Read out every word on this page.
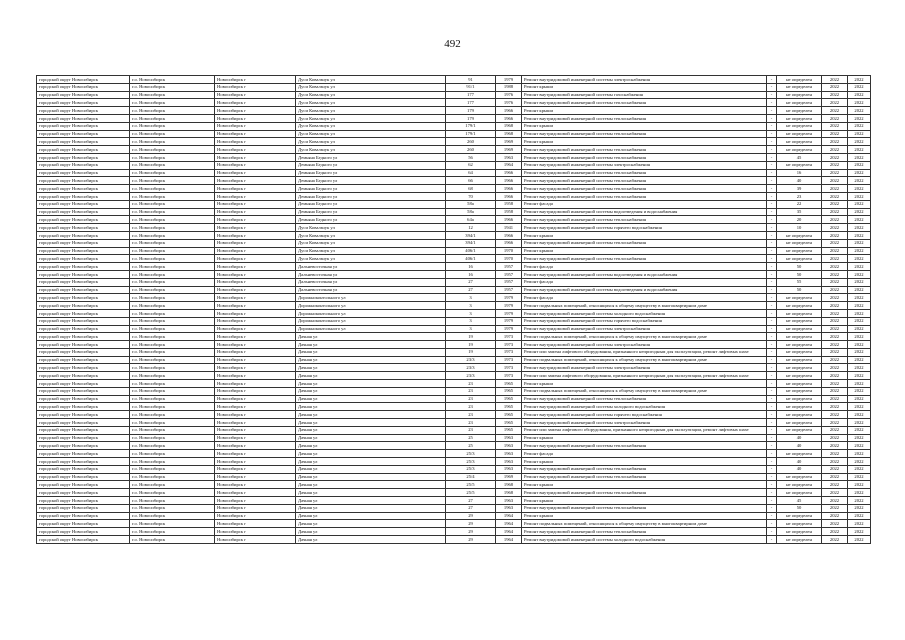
492
городской округ Новосибирск	г.о. Новосибирск	Новосибирск г	Дуси Ковальчук ул	91	1979	Ремонт внутридомовой инженерной системы электроснабжения	-	не определен	2022	2022
городской округ Новосибирск	г.о. Новосибирск	Новосибирск г	Дуси Ковальчук ул	91/1	1988	Ремонт крыши	-	не определен	2022	2022
городской округ Новосибирск	г.о. Новосибирск	Новосибирск г	Дуси Ковальчук ул	177	1976	Ремонт внутридомовой инженерной системы газоснабжения	-	не определен	2022	2022
городской округ Новосибирск	г.о. Новосибирск	Новосибирск г	Дуси Ковальчук ул	177	1976	Ремонт внутридомовой инженерной системы теплоснабжения	-	не определен	2022	2022
городской округ Новосибирск	г.о. Новосибирск	Новосибирск г	Дуси Ковальчук ул	179	1966	Ремонт крыши	-	не определен	2022	2022
городской округ Новосибирск	г.о. Новосибирск	Новосибирск г	Дуси Ковальчук ул	179	1966	Ремонт внутридомовой инженерной системы теплоснабжения	-	не определен	2022	2022
городской округ Новосибирск	г.о. Новосибирск	Новосибирск г	Дуси Ковальчук ул	179/1	1968	Ремонт крыши	-	не определен	2022	2022
городской округ Новосибирск	г.о. Новосибирск	Новосибирск г	Дуси Ковальчук ул	179/1	1968	Ремонт внутридомовой инженерной системы теплоснабжения	-	не определен	2022	2022
городской округ Новосибирск	г.о. Новосибирск	Новосибирск г	Дуси Ковальчук ул	260	1969	Ремонт крыши	-	не определен	2022	2022
городской округ Новосибирск	г.о. Новосибирск	Новосибирск г	Дуси Ковальчук ул	260	1969	Ремонт внутридомовой инженерной системы теплоснабжения	-	не определен	2022	2022
городской округ Новосибирск	г.о. Новосибирск	Новосибирск г	Демьяна Бедного ул	56	1963	Ремонт внутридомовой инженерной системы теплоснабжения	-	45	2022	2022
городской округ Новосибирск	г.о. Новосибирск	Новосибирск г	Демьяна Бедного ул	62	1964	Ремонт внутридомовой инженерной системы электроснабжения	-	не определен	2022	2022
городской округ Новосибирск	г.о. Новосибирск	Новосибирск г	Демьяна Бедного ул	64	1966	Ремонт внутридомовой инженерной системы теплоснабжения	-	16	2022	2022
городской округ Новосибирск	г.о. Новосибирск	Новосибирск г	Демьяна Бедного ул	66	1966	Ремонт внутридомовой инженерной системы теплоснабжения	-	40	2022	2022
городской округ Новосибирск	г.о. Новосибирск	Новосибирск г	Демьяна Бедного ул	68	1966	Ремонт внутридомовой инженерной системы теплоснабжения	-	39	2022	2022
городской округ Новосибирск	г.о. Новосибирск	Новосибирск г	Демьяна Бедного ул	70	1966	Ремонт внутридомовой инженерной системы теплоснабжения	-	23	2022	2022
городской округ Новосибирск	г.о. Новосибирск	Новосибирск г	Демьяна Бедного ул	58а	1958	Ремонт фасада	-	22	2022	2022
городской округ Новосибирск	г.о. Новосибирск	Новосибирск г	Демьяна Бедного ул	58а	1958	Ремонт внутридомовой инженерной системы водоотведения и водоснабжения	-	35	2022	2022
городской округ Новосибирск	г.о. Новосибирск	Новосибирск г	Демьяна Бедного ул	64а	1966	Ремонт внутридомовой инженерной системы теплоснабжения	-	20	2022	2022
городской округ Новосибирск	г.о. Новосибирск	Новосибирск г	Дуси Ковальчук ул	12	1941	Ремонт внутридомовой инженерной системы горячего водоснабжения	-	10	2022	2022
городской округ Новосибирск	г.о. Новосибирск	Новосибирск г	Дуси Ковальчук ул	394/1	1966	Ремонт крыши	-	не определен	2022	2022
городской округ Новосибирск	г.о. Новосибирск	Новосибирск г	Дуси Ковальчук ул	394/1	1966	Ремонт внутридомовой инженерной системы теплоснабжения	-	не определен	2022	2022
городской округ Новосибирск	г.о. Новосибирск	Новосибирск г	Дуси Ковальчук ул	406/1	1970	Ремонт крыши	-	не определен	2022	2022
городской округ Новосибирск	г.о. Новосибирск	Новосибирск г	Дуси Ковальчук ул	406/1	1970	Ремонт внутридомовой инженерной системы теплоснабжения	-	не определен	2022	2022
городской округ Новосибирск	г.о. Новосибирск	Новосибирск г	Дальневосточная ул	16	1957	Ремонт фасада	-	50	2022	2022
городской округ Новосибирск	г.о. Новосибирск	Новосибирск г	Дальневосточная ул	16	1957	Ремонт внутридомовой инженерной системы водоотведения и водоснабжения	-	50	2022	2022
городской округ Новосибирск	г.о. Новосибирск	Новосибирск г	Дальневосточная ул	27	1957	Ремонт фасада	-	55	2022	2022
городской округ Новосибирск	г.о. Новосибирск	Новосибирск г	Дальневосточная ул	27	1957	Ремонт внутридомовой инженерной системы водоотведения и водоснабжения	-	50	2022	2022
городской округ Новосибирск	г.о. Новосибирск	Новосибирск г	Дорожноконтольного ул	3	1979	Ремонт фасада	-	не определен	2022	2022
городской округ Новосибирск	г.о. Новосибирск	Новосибирск г	Дорожноконтольного ул	3	1979	Ремонт подвальных помещений, относящихся к общему имуществу в многоквартирном доме	-	не определен	2022	2022
городской округ Новосибирск	г.о. Новосибирск	Новосибирск г	Дорожноконтольного ул	3	1979	Ремонт внутридомовой инженерной системы холодного водоснабжения	-	не определен	2022	2022
городской округ Новосибирск	г.о. Новосибирск	Новосибирск г	Дорожноконтольного ул	3	1979	Ремонт внутридомовой инженерной системы горячего водоснабжения	-	не определен	2022	2022
городской округ Новосибирск	г.о. Новосибирск	Новосибирск г	Дорожноконтольного ул	3	1979	Ремонт внутридомовой инженерной системы электроснабжения	-	не определен	2022	2022
городской округ Новосибирск	г.о. Новосибирск	Новосибирск г	Дачная ул	19	1973	Ремонт подвальных помещений, относящихся к общему имуществу в многоквартирном доме	-	не определен	2022	2022
городской округ Новосибирск	г.о. Новосибирск	Новосибирск г	Дачная ул	19	1973	Ремонт внутридомовой инженерной системы электроснабжения	-	не определен	2022	2022
городской округ Новосибирск	г.о. Новосибирск	Новосибирск г	Дачная ул	19	1973	Ремонт или замена лифтового оборудования, признанного непригодным для эксплуатации, ремонт лифтовых шахт	-	не определен	2022	2022
городской округ Новосибирск	г.о. Новосибирск	Новосибирск г	Дачная ул	23/3	1973	Ремонт подвальных помещений, относящихся к общему имуществу в многоквартирном доме	-	не определен	2022	2022
городской округ Новосибирск	г.о. Новосибирск	Новосибирск г	Дачная ул	23/3	1973	Ремонт внутридомовой инженерной системы электроснабжения	-	не определен	2022	2022
городской округ Новосибирск	г.о. Новосибирск	Новосибирск г	Дачная ул	23/3	1973	Ремонт или замена лифтового оборудования, признанного непригодным для эксплуатации, ремонт лифтовых шахт	-	не определен	2022	2022
городской округ Новосибирск	г.о. Новосибирск	Новосибирск г	Дачная ул	23	1965	Ремонт крыши	-	не определен	2022	2022
городской округ Новосибирск	г.о. Новосибирск	Новосибирск г	Дачная ул	23	1965	Ремонт подвальных помещений, относящихся к общему имуществу в многоквартирном доме	-	не определен	2022	2022
городской округ Новосибирск	г.о. Новосибирск	Новосибирск г	Дачная ул	23	1965	Ремонт внутридомовой инженерной системы теплоснабжения	-	не определен	2022	2022
городской округ Новосибирск	г.о. Новосибирск	Новосибирск г	Дачная ул	23	1965	Ремонт внутридомовой инженерной системы холодного водоснабжения	-	не определен	2022	2022
городской округ Новосибирск	г.о. Новосибирск	Новосибирск г	Дачная ул	23	1965	Ремонт внутридомовой инженерной системы горячего водоснабжения	-	не определен	2022	2022
городской округ Новосибирск	г.о. Новосибирск	Новосибирск г	Дачная ул	23	1965	Ремонт внутридомовой инженерной системы электроснабжения	-	не определен	2022	2022
городской округ Новосибирск	г.о. Новосибирск	Новосибирск г	Дачная ул	23	1965	Ремонт или замена лифтового оборудования, признанного непригодным для эксплуатации, ремонт лифтовых шахт	-	не определен	2022	2022
городской округ Новосибирск	г.о. Новосибирск	Новосибирск г	Дачная ул	25	1963	Ремонт крыши	-	40	2022	2022
городской округ Новосибирск	г.о. Новосибирск	Новосибирск г	Дачная ул	25	1963	Ремонт внутридомовой инженерной системы теплоснабжения	-	40	2022	2022
городской округ Новосибирск	г.о. Новосибирск	Новосибирск г	Дачная ул	25/3	1963	Ремонт фасада	-	не определен	2022	2022
городской округ Новосибирск	г.о. Новосибирск	Новосибирск г	Дачная ул	25/3	1963	Ремонт крыши	-	40	2022	2022
городской округ Новосибирск	г.о. Новосибирск	Новосибирск г	Дачная ул	25/3	1963	Ремонт внутридомовой инженерной системы теплоснабжения	-	40	2022	2022
городской округ Новосибирск	г.о. Новосибирск	Новосибирск г	Дачная ул	25/4	1969	Ремонт внутридомовой инженерной системы теплоснабжения	-	не определен	2022	2022
городской округ Новосибирск	г.о. Новосибирск	Новосибирск г	Дачная ул	25/5	1968	Ремонт крыши	-	не определен	2022	2022
городской округ Новосибирск	г.о. Новосибирск	Новосибирск г	Дачная ул	25/5	1968	Ремонт внутридомовой инженерной системы теплоснабжения	-	не определен	2022	2022
городской округ Новосибирск	г.о. Новосибирск	Новосибирск г	Дачная ул	27	1963	Ремонт крыши	-	45	2022	2022
городской округ Новосибирск	г.о. Новосибирск	Новосибирск г	Дачная ул	27	1963	Ремонт внутридомовой инженерной системы теплоснабжения	-	50	2022	2022
городской округ Новосибирск	г.о. Новосибирск	Новосибирск г	Дачная ул	29	1964	Ремонт крыши	-	не определен	2022	2022
городской округ Новосибирск	г.о. Новосибирск	Новосибирск г	Дачная ул	29	1964	Ремонт подвальных помещений, относящихся к общему имуществу в многоквартирном доме	-	не определен	2022	2022
городской округ Новосибирск	г.о. Новосибирск	Новосибирск г	Дачная ул	29	1964	Ремонт внутридомовой инженерной системы теплоснабжения	-	не определен	2022	2022
городской округ Новосибирск	г.о. Новосибирск	Новосибирск г	Дачная ул	29	1964	Ремонт внутридомовой инженерной системы холодного водоснабжения	-	не определен	2022	2022
